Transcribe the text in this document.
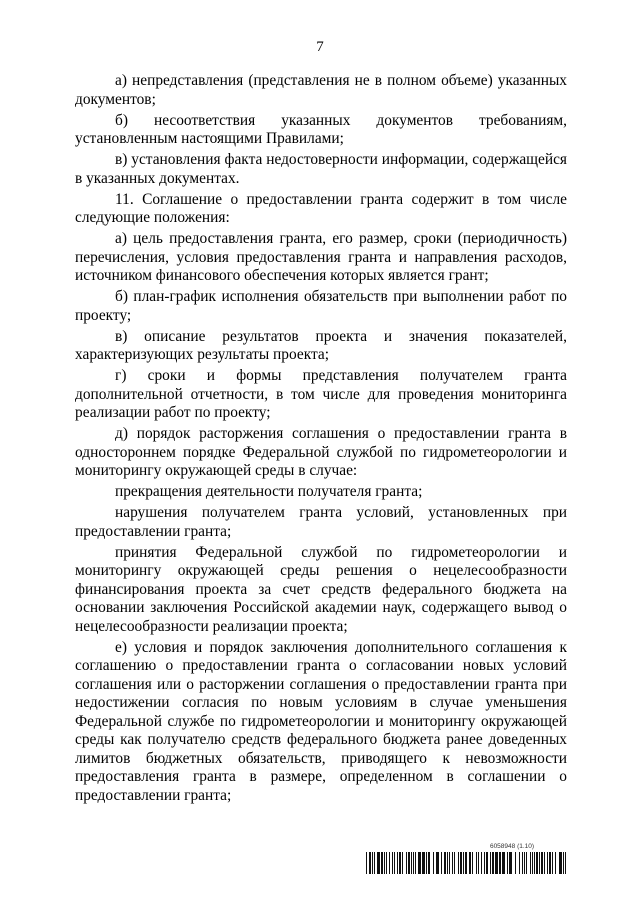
7

а) непредставления (представления не в полном объеме) указанных документов;

б) несоответствия указанных документов требованиям, установленным настоящими Правилами;

в) установления факта недостоверности информации, содержащейся в указанных документах.

11. Соглашение о предоставлении гранта содержит в том числе следующие положения:

а) цель предоставления гранта, его размер, сроки (периодичность) перечисления, условия предоставления гранта и направления расходов, источником финансового обеспечения которых является грант;

б) план-график исполнения обязательств при выполнении работ по проекту;

в) описание результатов проекта и значения показателей, характеризующих результаты проекта;

г) сроки и формы представления получателем гранта дополнительной отчетности, в том числе для проведения мониторинга реализации работ по проекту;

д) порядок расторжения соглашения о предоставлении гранта в одностороннем порядке Федеральной службой по гидрометеорологии и мониторингу окружающей среды в случае:

прекращения деятельности получателя гранта;

нарушения получателем гранта условий, установленных при предоставлении гранта;

принятия Федеральной службой по гидрометеорологии и мониторингу окружающей среды решения о нецелесообразности финансирования проекта за счет средств федерального бюджета на основании заключения Российской академии наук, содержащего вывод о нецелесообразности реализации проекта;

е) условия и порядок заключения дополнительного соглашения к соглашению о предоставлении гранта о согласовании новых условий соглашения или о расторжении соглашения о предоставлении гранта при недостижении согласия по новым условиям в случае уменьшения Федеральной службе по гидрометеорологии и мониторингу окружающей среды как получателю средств федерального бюджета ранее доведенных лимитов бюджетных обязательств, приводящего к невозможности предоставления гранта в размере, определенном в соглашении о предоставлении гранта;

6058948 (1.10)
